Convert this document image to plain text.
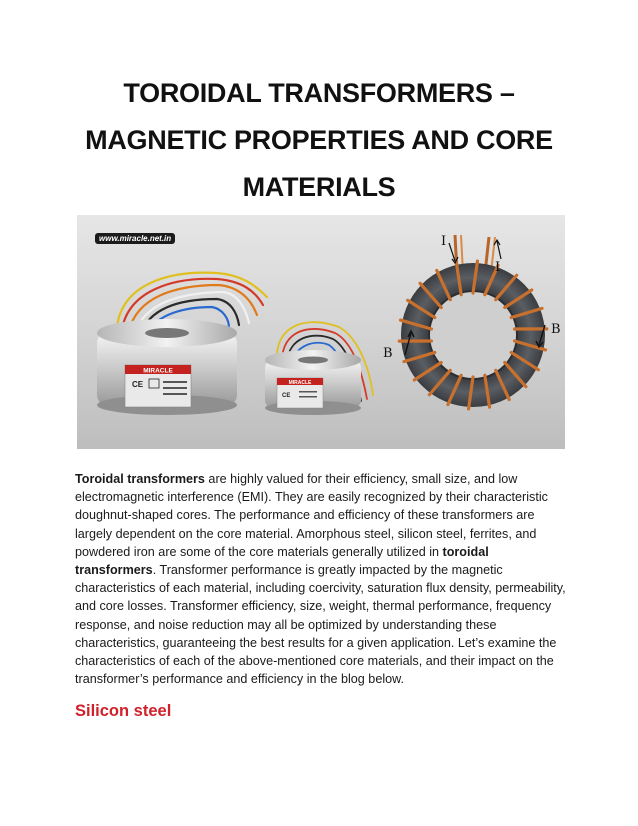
TOROIDAL TRANSFORMERS –
MAGNETIC PROPERTIES AND CORE
MATERIALS
MIRACLE
CE	MIRACLE
CE
I
I
B
B
www.miracle.net.in

Toroidal transformers are highly valued for their efficiency, small size, and low electromagnetic interference (EMI). They are easily recognized by their characteristic doughnut-shaped cores. The performance and efficiency of these transformers are largely dependent on the core material. Amorphous steel, silicon steel, ferrites, and powdered iron are some of the core materials generally utilized in toroidal transformers. Transformer performance is greatly impacted by the magnetic characteristics of each material, including coercivity, saturation flux density, permeability, and core losses. Transformer efficiency, size, weight, thermal performance, frequency response, and noise reduction may all be optimized by understanding these characteristics, guaranteeing the best results for a given application. Let’s examine the characteristics of each of the above-mentioned core materials, and their impact on the transformer’s performance and efficiency in the blog below.

Silicon steel
